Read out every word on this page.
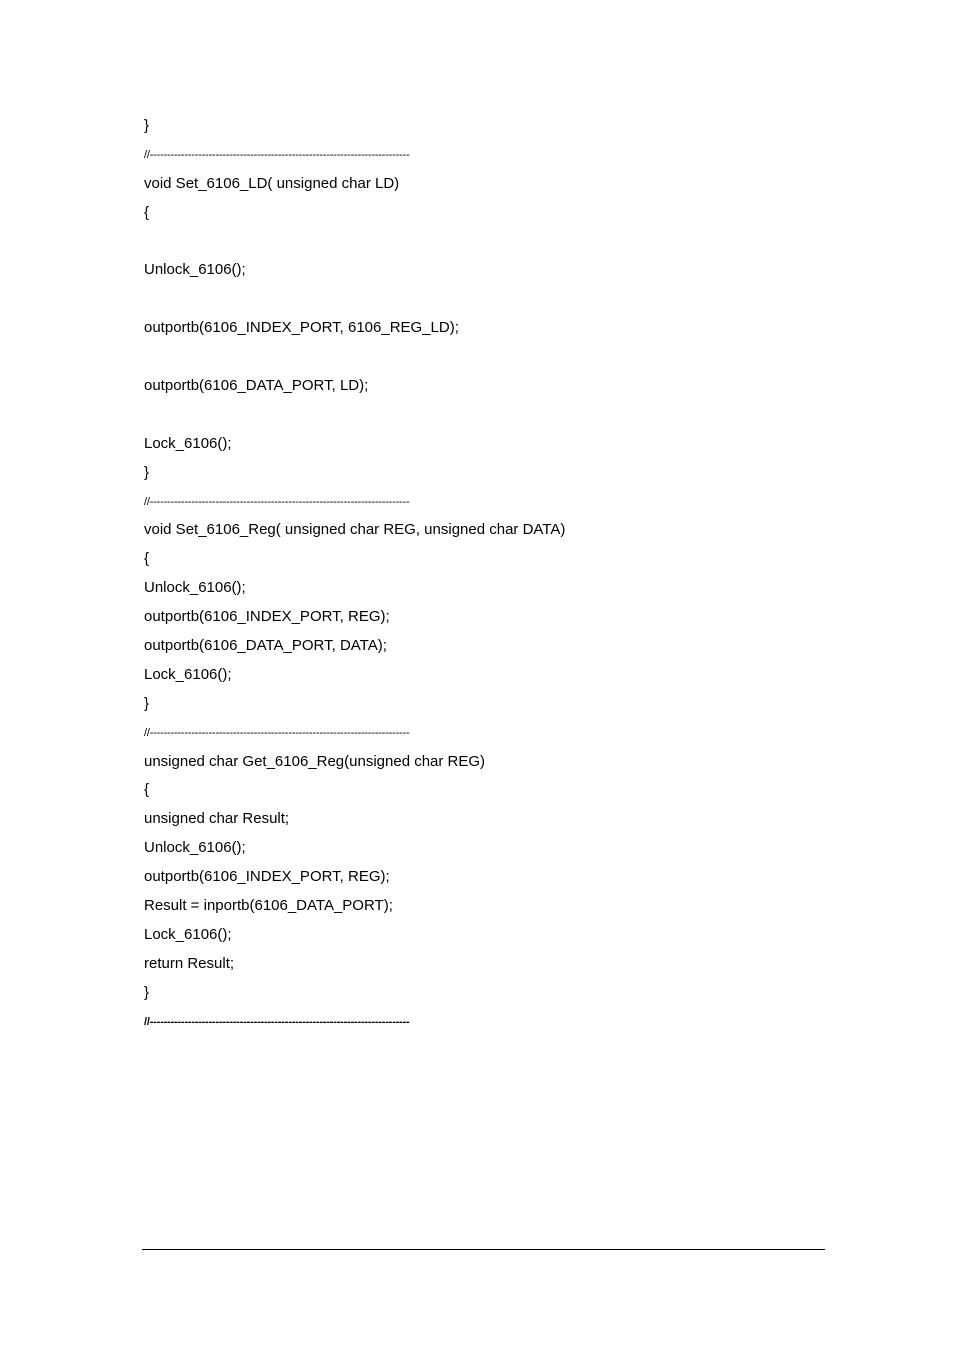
}
//---------------------------------------------------------------------------
void Set_6106_LD( unsigned char LD)
{
Unlock_6106();
outportb(6106_INDEX_PORT, 6106_REG_LD);
outportb(6106_DATA_PORT, LD);
Lock_6106();
}
//---------------------------------------------------------------------------
void Set_6106_Reg( unsigned char REG, unsigned char DATA)
{
Unlock_6106();
outportb(6106_INDEX_PORT, REG);
outportb(6106_DATA_PORT, DATA);
Lock_6106();
}
//---------------------------------------------------------------------------
unsigned char Get_6106_Reg(unsigned char REG)
{
unsigned char Result;
Unlock_6106();
outportb(6106_INDEX_PORT, REG);
Result = inportb(6106_DATA_PORT);
Lock_6106();
return Result;
}
//---------------------------------------------------------------------------
